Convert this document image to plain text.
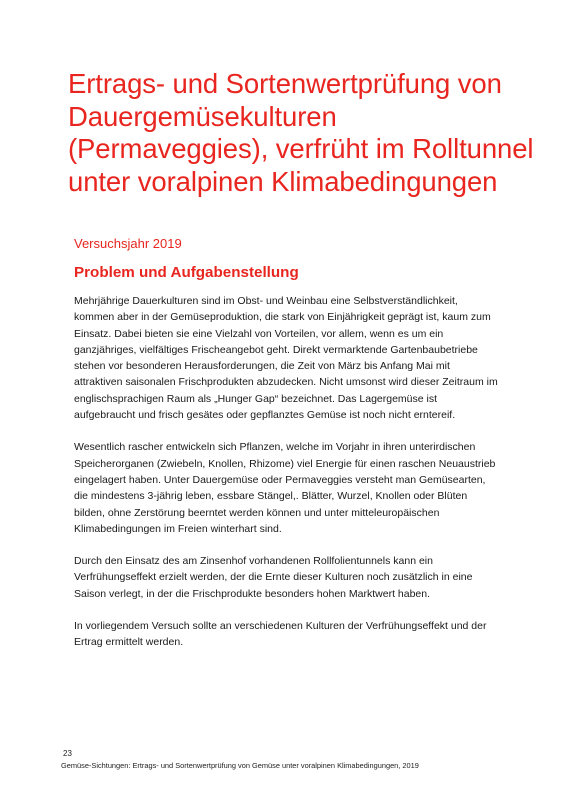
Ertrags- und Sortenwertprüfung von Dauergemüsekulturen (Permaveggies), verfrüht im Rolltunnel unter voralpinen Klimabedingungen

Versuchsjahr 2019

Problem und Aufgabenstellung

Mehrjährige Dauerkulturen sind im Obst- und Weinbau eine Selbstverständlichkeit, kommen aber in der Gemüseproduktion, die stark von Einjährigkeit geprägt ist, kaum zum Einsatz. Dabei bieten sie eine Vielzahl von Vorteilen, vor allem, wenn es um ein ganzjähriges, vielfältiges Frischeangebot geht. Direkt vermarktende Gartenbaubetriebe stehen vor besonderen Herausforderungen, die Zeit von März bis Anfang Mai mit attraktiven saisonalen Frischprodukten abzudecken. Nicht umsonst wird dieser Zeitraum im englischsprachigen Raum als „Hunger Gap“ bezeichnet. Das Lagergemüse ist aufgebraucht und frisch gesätes oder gepflanztes Gemüse ist noch nicht erntereif.

Wesentlich rascher entwickeln sich Pflanzen, welche im Vorjahr in ihren unterirdischen Speicherorganen (Zwiebeln, Knollen, Rhizome) viel Energie für einen raschen Neuaustrieb eingelagert haben. Unter Dauergemüse oder Permaveggies versteht man Gemüsearten, die mindestens 3-jährig leben, essbare Stängel,. Blätter, Wurzel, Knollen oder Blüten bilden, ohne Zerstörung beerntet werden können und unter mitteleuropäischen Klimabedingungen im Freien winterhart sind.

Durch den Einsatz des am Zinsenhof vorhandenen Rollfolientunnels kann ein Verfrühungseffekt erzielt werden, der die Ernte dieser Kulturen noch zusätzlich in eine Saison verlegt, in der die Frischprodukte besonders hohen Marktwert haben.

In vorliegendem Versuch sollte an verschiedenen Kulturen der Verfrühungseffekt und der Ertrag ermittelt werden.

23

Gemüse-Sichtungen: Ertrags- und Sortenwertprüfung von Gemüse unter voralpinen Klimabedingungen, 2019
